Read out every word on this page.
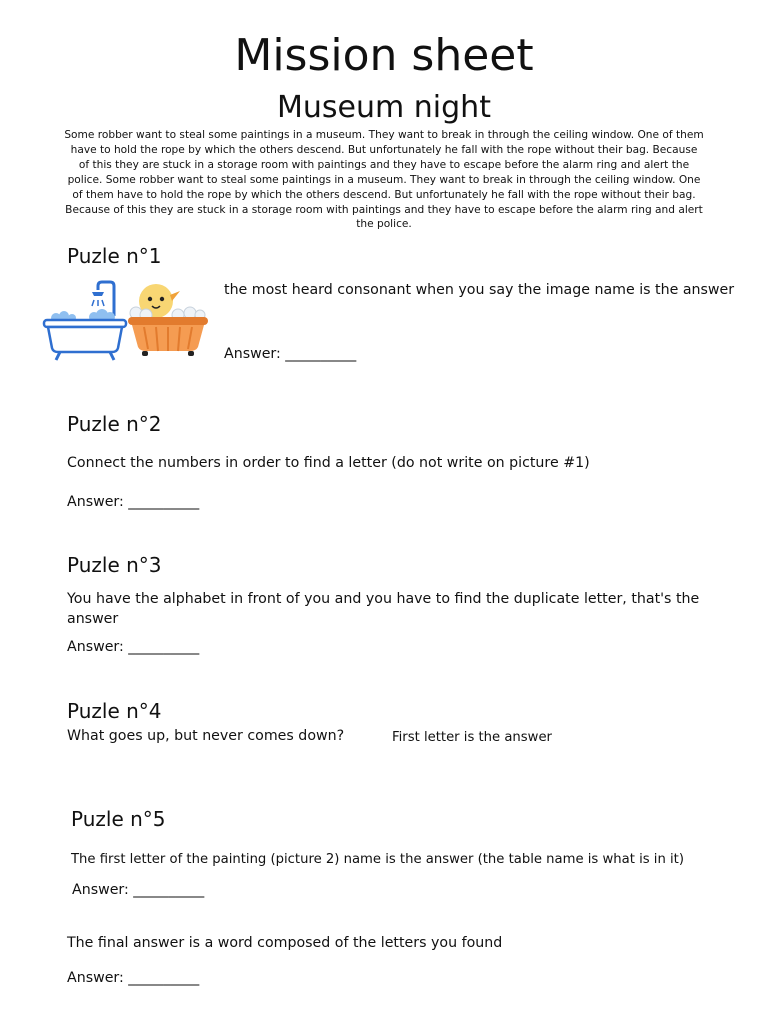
Mission sheet
Museum night
Some robber want to steal some paintings in a museum. They want to break in through the ceiling window. One of them have to hold the rope by which the others descend. But unfortunately he fall with the rope without their bag. Because of this they are stuck in a storage room with paintings and they have to escape before the alarm ring and alert the police. Some robber want to steal some paintings in a museum. They want to break in through the ceiling window. One of them have to hold the rope by which the others descend. But unfortunately he fall with the rope without their bag. Because of this they are stuck in a storage room with paintings and they have to escape before the alarm ring and alert the police.
Puzle n°1
the most heard consonant when you say the image name is the answer
Answer: __________
Puzle n°2
Connect the numbers in order to find a letter (do not write on picture #1)
Answer: __________
Puzle n°3
You have the alphabet in front of you and you have to find the duplicate letter, that's the answer
Answer: __________
Puzle n°4
What goes up, but never comes down?	First letter is the answer
Puzle n°5
The first letter of the painting (picture 2) name is the answer (the table name is what is in it)
Answer: __________
The final answer is a word composed of the letters you found
Answer: __________
